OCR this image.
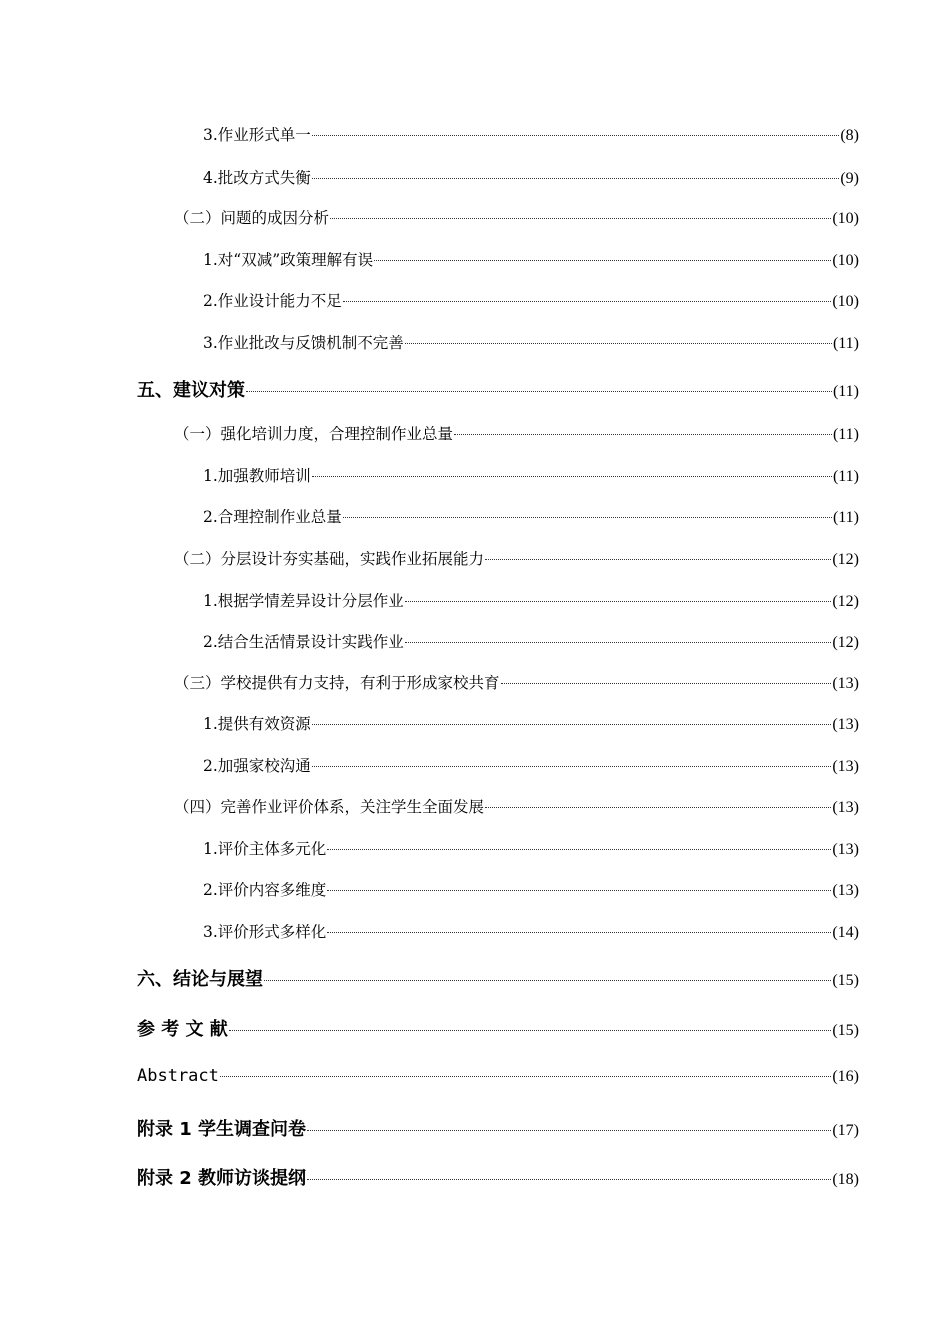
3.作业形式单一	(8)
4.批改方式失衡	(9)
（二）问题的成因分析	(10)
1.对“双减”政策理解有误	(10)
2.作业设计能力不足	(10)
3.作业批改与反馈机制不完善	(11)
五、建议对策	(11)
（一）强化培训力度，合理控制作业总量	(11)
1.加强教师培训	(11)
2.合理控制作业总量	(11)
（二）分层设计夯实基础，实践作业拓展能力	(12)
1.根据学情差异设计分层作业	(12)
2.结合生活情景设计实践作业	(12)
（三）学校提供有力支持，有利于形成家校共育	(13)
1.提供有效资源	(13)
2.加强家校沟通	(13)
（四）完善作业评价体系，关注学生全面发展	(13)
1.评价主体多元化	(13)
2.评价内容多维度	(13)
3.评价形式多样化	(14)
六、结论与展望	(15)
参 考 文 献	(15)
Abstract	(16)
附录 1 学生调查问卷	(17)
附录 2 教师访谈提纲	(18)
